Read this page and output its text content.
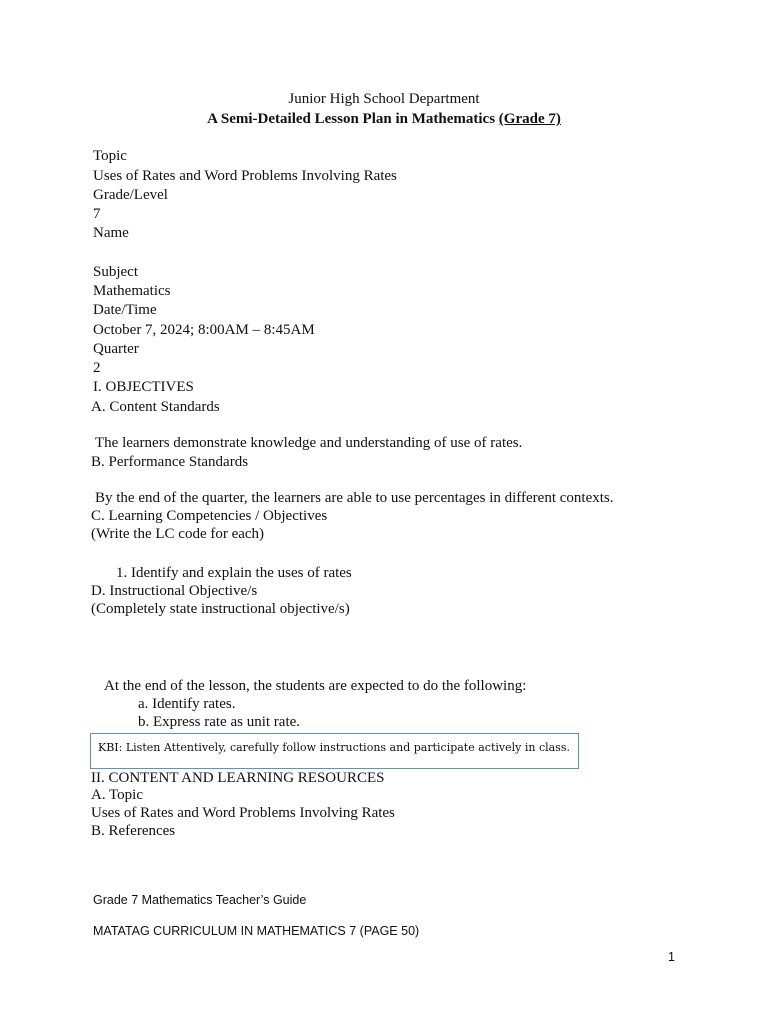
Junior High School Department
A Semi-Detailed Lesson Plan in Mathematics (Grade 7)
Topic
Uses of Rates and Word Problems Involving Rates
Grade/Level
7
Name
Subject
Mathematics
Date/Time
October 7, 2024; 8:00AM – 8:45AM
Quarter
2
I. OBJECTIVES
A. Content Standards
The learners demonstrate knowledge and understanding of use of rates.
B. Performance Standards
By the end of the quarter, the learners are able to use percentages in different contexts.
C. Learning Competencies / Objectives
(Write the LC code for each)
1. Identify and explain the uses of rates
D. Instructional Objective/s
(Completely state instructional objective/s)
At the end of the lesson, the students are expected to do the following:
a. Identify rates.
b. Express rate as unit rate.
KBI: Listen Attentively, carefully follow instructions and participate actively in class.
II. CONTENT AND LEARNING RESOURCES
A. Topic
Uses of Rates and Word Problems Involving Rates
B. References
Grade 7 Mathematics Teacher’s Guide
MATATAG CURRICULUM IN MATHEMATICS 7 (PAGE 50)
1
